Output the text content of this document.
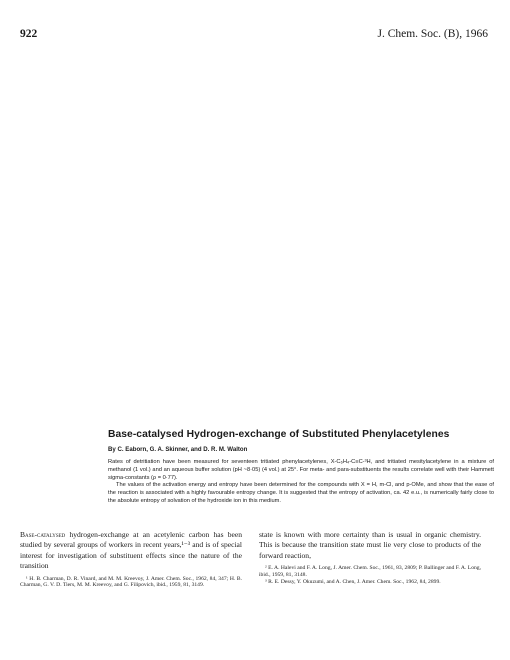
922	J. Chem. Soc. (B), 1966
Base-catalysed Hydrogen-exchange of Substituted Phenylacetylenes
By C. Eaborn, G. A. Skinner, and D. R. M. Walton

Rates of detritiation have been measured for seventeen tritiated phenylacetylenes, X-C₆H₄-C≡C-³H, and tritiated mesitylacetylene in a mixture of methanol (1 vol.) and an aqueous buffer solution (pH ~8·05) (4 vol.) at 25°. For meta- and para-substituents the results correlate well with their Hammett sigma-constants (ρ = 0·77).

The values of the activation energy and entropy have been determined for the compounds with X = H, m-Cl, and p-OMe, and show that the ease of the reaction is associated with a highly favourable entropy change. It is suggested that the entropy of activation, ca. 42 e.u., is numerically fairly close to the absolute entropy of solvation of the hydroxide ion in this medium.

Base-catalysed hydrogen-exchange at an acetylenic carbon has been studied by several groups of workers in recent years,¹⁻³ and is of special interest for investigation of substituent effects since the nature of the transition

¹ H. B. Charman, D. R. Vinard, and M. M. Kreevoy, J. Amer. Chem. Soc., 1962, 84, 347; H. B. Charman, G. V. D. Tiers, M. M. Kreevoy, and G. Filipovich, ibid., 1959, 81, 3149.

state is known with more certainty than is usual in organic chemistry. This is because the transition state must lie very close to products of the forward reaction,

² E. A. Halevi and F. A. Long, J. Amer. Chem. Soc., 1961, 83, 2809; P. Ballinger and F. A. Long, ibid., 1959, 81, 3148.

³ R. E. Dessy, Y. Okuzumi, and A. Chen, J. Amer. Chem. Soc., 1962, 84, 2899.
